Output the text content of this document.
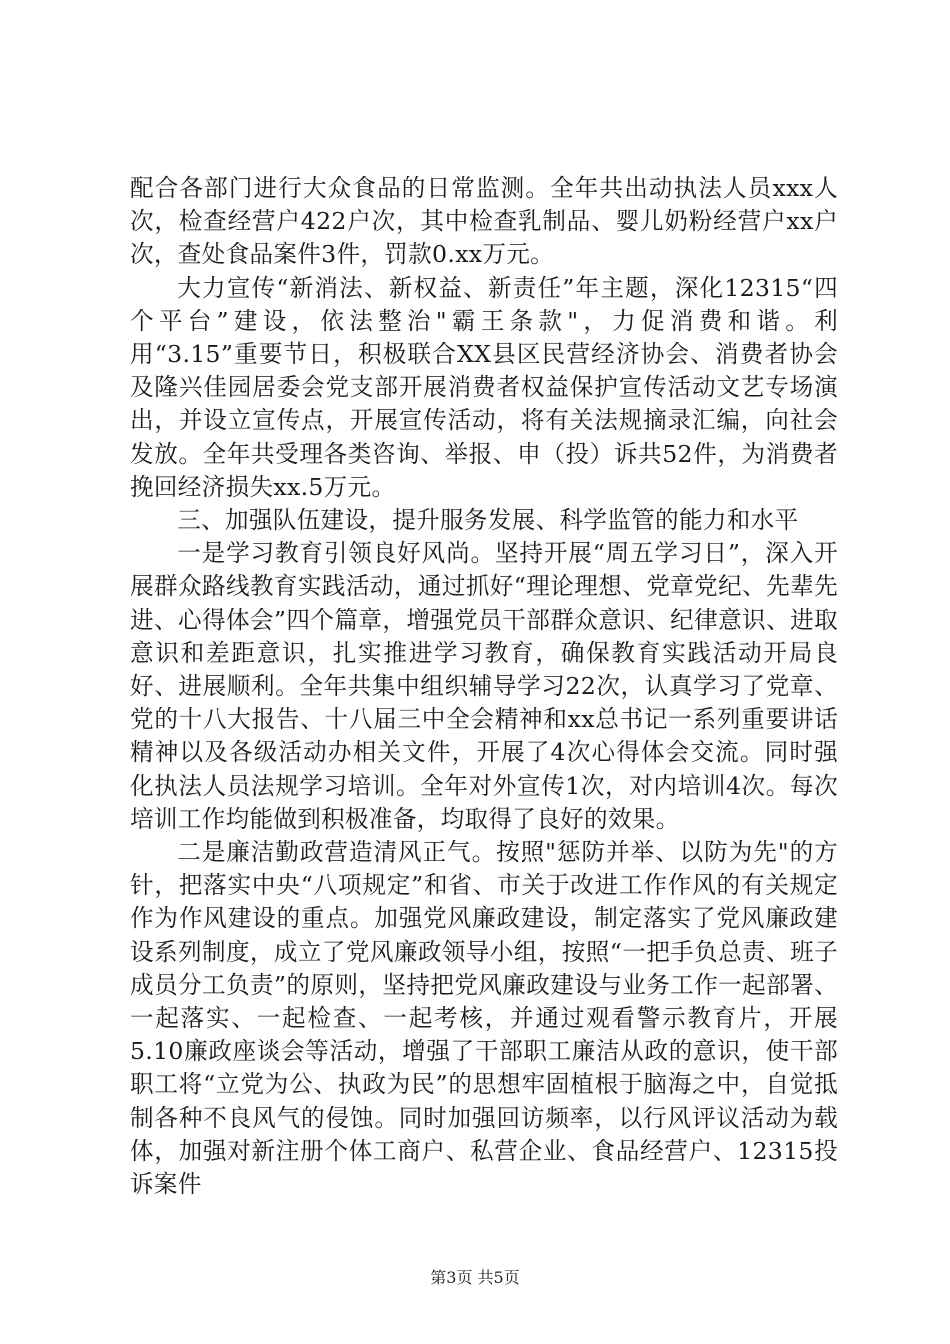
配合各部门进行大众食品的日常监测。全年共出动执法人员xxx人次，检查经营户422户次，其中检查乳制品、婴儿奶粉经营户xx户次，查处食品案件3件，罚款0.xx万元。

大力宣传“新消法、新权益、新责任”年主题，深化12315“四个平台”建设，依法整治"霸王条款"，力促消费和谐。利用“3.15”重要节日，积极联合XX县区民营经济协会、消费者协会及隆兴佳园居委会党支部开展消费者权益保护宣传活动文艺专场演出，并设立宣传点，开展宣传活动，将有关法规摘录汇编，向社会发放。全年共受理各类咨询、举报、申（投）诉共52件，为消费者挽回经济损失xx.5万元。

三、加强队伍建设，提升服务发展、科学监管的能力和水平

一是学习教育引领良好风尚。坚持开展“周五学习日”，深入开展群众路线教育实践活动，通过抓好“理论理想、党章党纪、先辈先进、心得体会”四个篇章，增强党员干部群众意识、纪律意识、进取意识和差距意识，扎实推进学习教育，确保教育实践活动开局良好、进展顺利。全年共集中组织辅导学习22次，认真学习了党章、党的十八大报告、十八届三中全会精神和xx总书记一系列重要讲话精神以及各级活动办相关文件，开展了4次心得体会交流。同时强化执法人员法规学习培训。全年对外宣传1次，对内培训4次。每次培训工作均能做到积极准备，均取得了良好的效果。

二是廉洁勤政营造清风正气。按照"惩防并举、以防为先"的方针，把落实中央“八项规定”和省、市关于改进工作作风的有关规定作为作风建设的重点。加强党风廉政建设，制定落实了党风廉政建设系列制度，成立了党风廉政领导小组，按照“一把手负总责、班子成员分工负责”的原则，坚持把党风廉政建设与业务工作一起部署、一起落实、一起检查、一起考核，并通过观看警示教育片，开展5.10廉政座谈会等活动，增强了干部职工廉洁从政的意识，使干部职工将“立党为公、执政为民”的思想牢固植根于脑海之中，自觉抵制各种不良风气的侵蚀。同时加强回访频率，以行风评议活动为载体，加强对新注册个体工商户、私营企业、食品经营户、12315投诉案件

第3页 共5页
